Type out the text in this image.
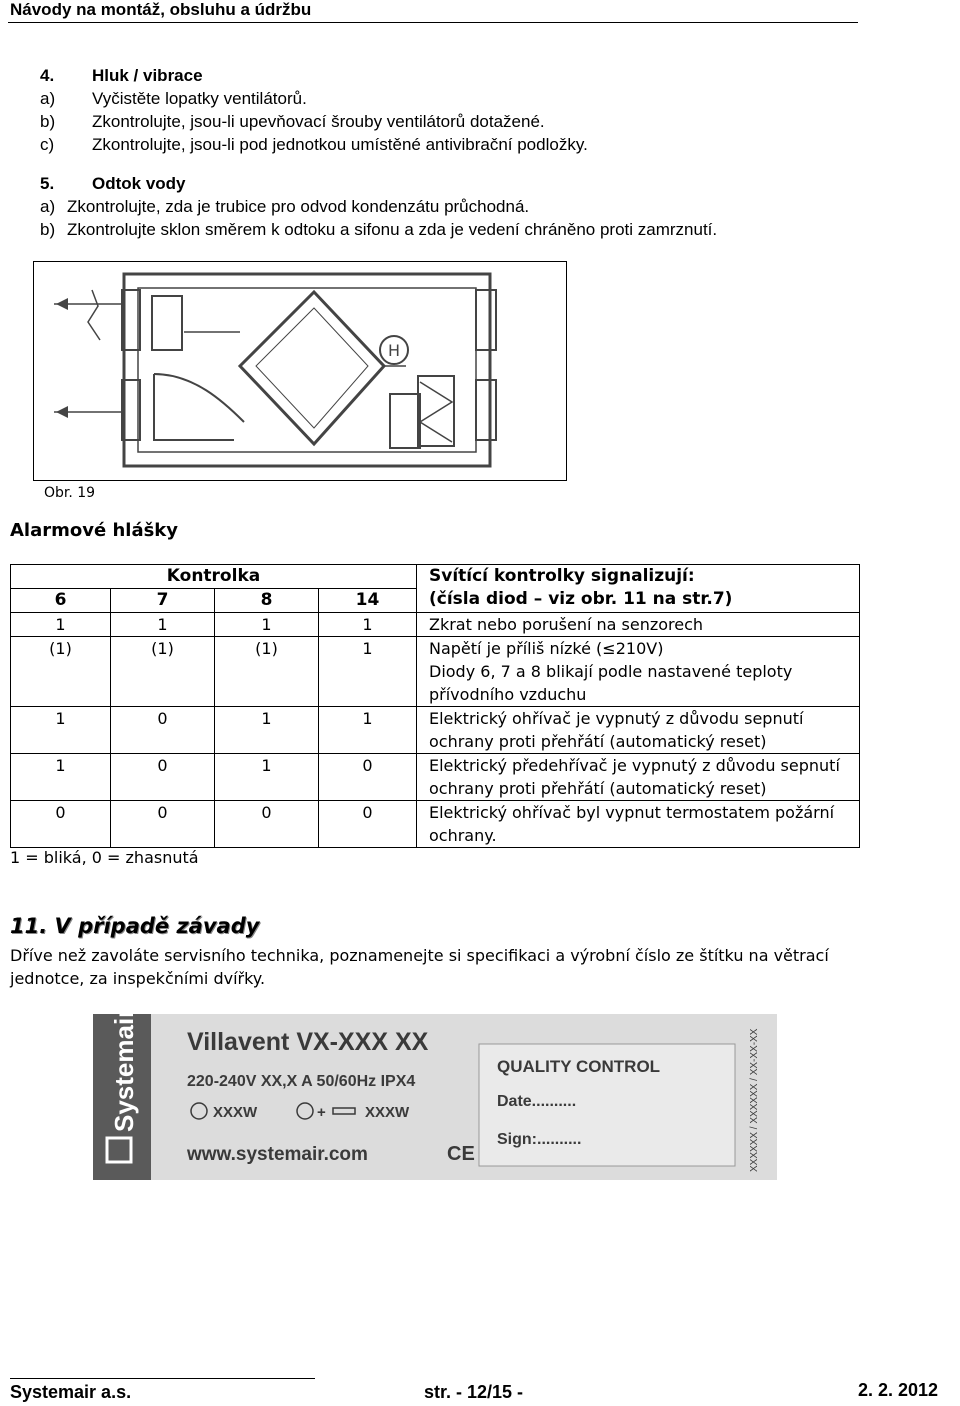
Návody na montáž, obsluhu a údržbu
4. Hluk / vibrace
a) Vyčistěte lopatky ventilátorů.
b) Zkontrolujte, jsou-li upevňovací šrouby ventilátorů dotažené.
c) Zkontrolujte, jsou-li pod jednotkou umístěné antivibrační podložky.
5. Odtok vody
a) Zkontrolujte, zda je trubice pro odvod kondenzátu průchodná.
b) Zkontrolujte sklon směrem k odtoku a sifonu a zda je vedení chráněno proti zamrznutí.
H
Obr. 19
Alarmové hlášky
Kontrolka				Svítící kontrolky signalizují:
(čísla diod – viz obr. 11 na str.7)
6	7	8	14	
1	1	1	1	Zkrat nebo porušení na senzorech
(1)	(1)	(1)	1	Napětí je příliš nízké (≤210V)
Diody 6, 7 a 8 blikají podle nastavené teploty
přívodního vzduchu
1	0	1	1	Elektrický ohřívač je vypnutý z důvodu sepnutí
ochrany proti přehřátí (automatický reset)
1	0	1	0	Elektrický předehřívač je vypnutý z důvodu sepnutí
ochrany proti přehřátí (automatický reset)
0	0	0	0	Elektrický ohřívač byl vypnut termostatem požární
ochrany.
1 = bliká, 0 = zhasnutá
11. V případě závady
Dříve než zavoláte servisního technika, poznamenejte si specifikaci a výrobní číslo ze štítku na větrací jednotce, za inspekčními dvířky.
Systemair Villavent VX-XXX XX
220-240V XX,X A 50/60Hz IPX4
XXXW	+	XXXW
www.systemair.com	CE
QUALITY CONTROL
Date..........
Sign:..........	XXXXXX / XXXXXX / XX-XX-XX
Systemair a.s.	str. - 12/15 -	2. 2. 2012
